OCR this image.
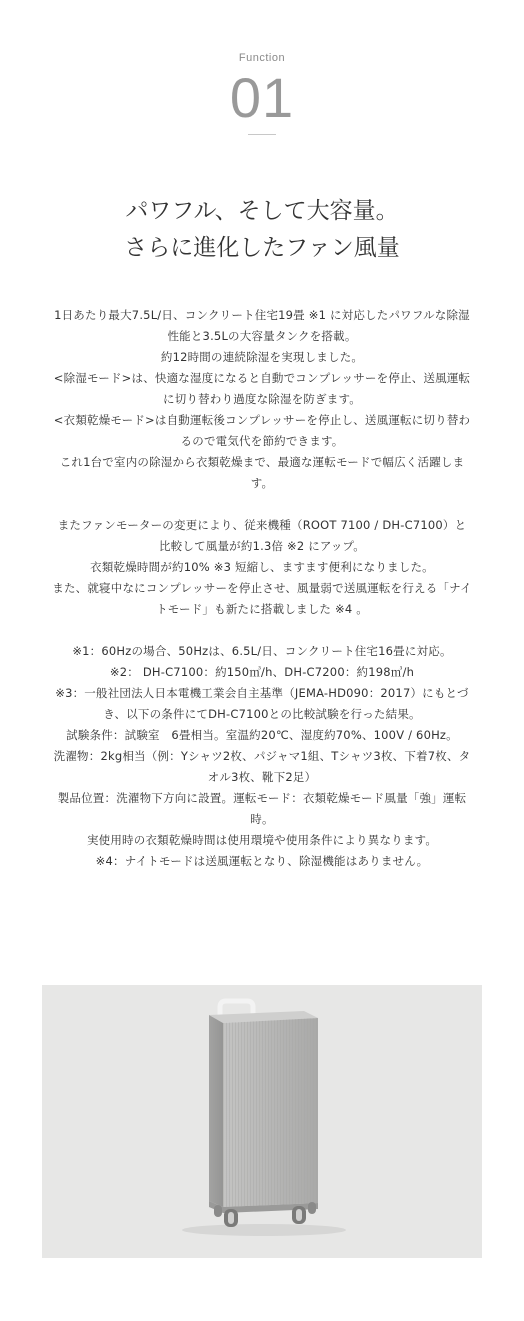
Function
01
パワフル、そして大容量。
さらに進化したファン風量

1日あたり最大7.5L/日、コンクリート住宅19畳 ※1 に対応したパワフルな除湿性能と3.5Lの大容量タンクを搭載。

約12時間の連続除湿を実現しました。

<除湿モード>は、快適な湿度になると自動でコンプレッサーを停止、送風運転に切り替わり過度な除湿を防ぎます。

<衣類乾燥モード>は自動運転後コンプレッサーを停止し、送風運転に切り替わるので電気代を節約できます。

これ1台で室内の除湿から衣類乾燥まで、最適な運転モードで幅広く活躍します。

またファンモーターの変更により、従来機種（ROOT 7100 / DH-C7100）と比較して風量が約1.3倍 ※2 にアップ。

衣類乾燥時間が約10% ※3 短縮し、ますます便利になりました。

また、就寝中なにコンプレッサーを停止させ、風量弱で送風運転を行える「ナイトモード」も新たに搭載しました ※4 。

※1：60Hzの場合、50Hzは、6.5L/日、コンクリート住宅16畳に対応。

※2： DH-C7100：約150㎥/h、DH-C7200：約198㎥/h

※3：一般社団法人日本電機工業会自主基準（JEMA-HD090：2017）にもとづき、以下の条件にてDH-C7100との比較試験を行った結果。

試験条件：試験室　6畳相当。室温約20℃、湿度約70%、100V / 60Hz。

洗濯物：2kg相当（例：Yシャツ2枚、パジャマ1組、Tシャツ3枚、下着7枚、タオル3枚、靴下2足）

製品位置：洗濯物下方向に設置。運転モード：衣類乾燥モード風量「強」運転時。

実使用時の衣類乾燥時間は使用環境や使用条件により異なります。

※4：ナイトモードは送風運転となり、除湿機能はありません。
